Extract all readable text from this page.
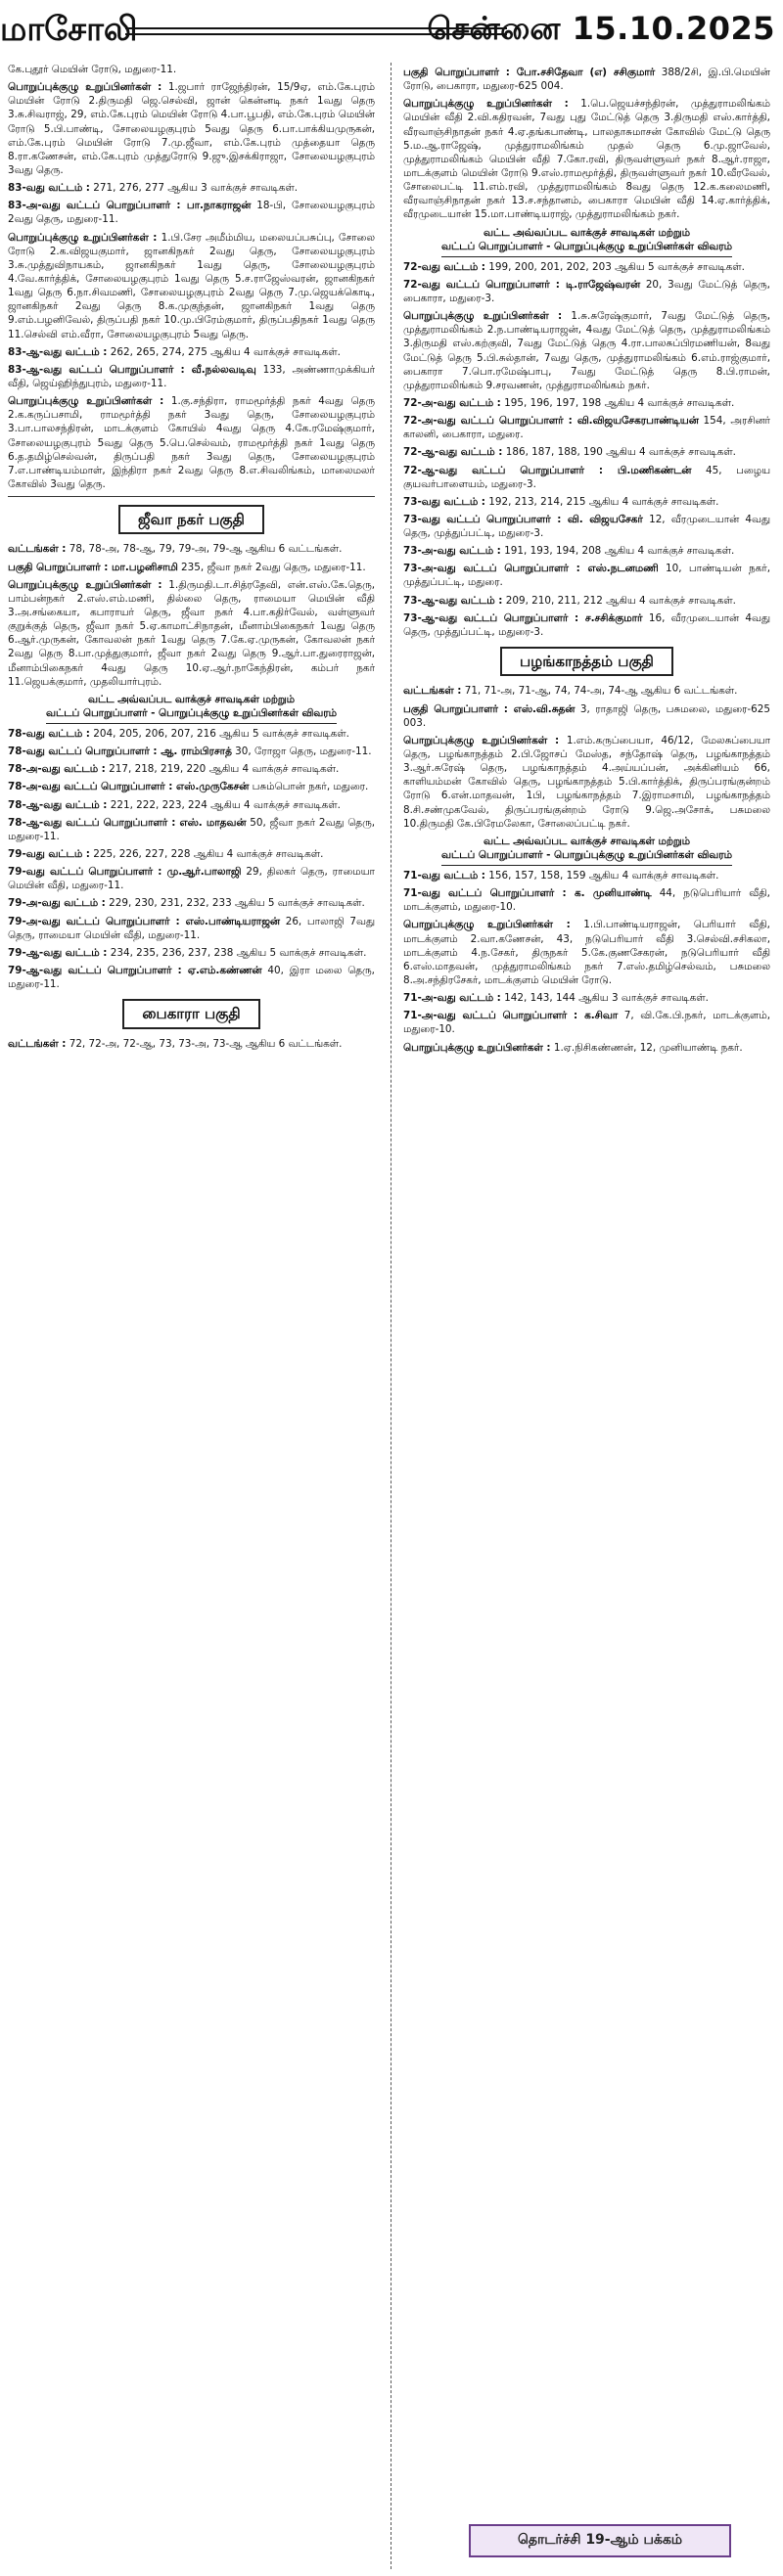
மாசோலி	சென்னை 15.10.2025

கே.புதூர் மெயின் ரோடு, மதுரை-11.

பொறுப்புக்குழு உறுப்பினர்கள் : 1.ஜபார் ராஜேந்திரன், 15/9ஏ, எம்.கே.புரம் மெயின் ரோடு 2.திருமதி ஜெ.செல்வி, ஜான் கென்னடி நகர் 1வது தெரு 3.சு.சிவராஜ், 29, எம்.கே.புரம் மெயின் ரோடு 4.பா.பூபதி, எம்.கே.புரம் மெயின் ரோடு 5.பி.பாண்டி, சோலையழகுபுரம் 5வது தெரு 6.பா.பாக்கியமுருகன், எம்.கே.புரம் மெயின் ரோடு 7.மு.ஜீவா, எம்.கே.புரம் முத்தையா தெரு 8.ரா.கணேசன், எம்.கே.புரம் முத்துரோடு 9.ஜு.இசக்கிராஜா, சோலையழகுபுரம் 3வது தெரு.

83-வது வட்டம் : 271, 276, 277 ஆகிய 3 வாக்குச் சாவடிகள்.

83-அ-வது வட்டப் பொறுப்பாளர் : பா.நாகராஜன் 18-பி, சோலையழகுபுரம் 2வது தெரு, மதுரை-11.

பொறுப்புக்குழு உறுப்பினர்கள் : 1.பி.சேர அமீம்மிய, மலையப்பசுப்பு, சோலை ரோடு 2.க.விஜயகுமார், ஜானகிநகர் 2வது தெரு, சோலையழகுபுரம் 3.சு.முத்துவிநாயகம், ஜானகிநகர் 1வது தெரு, சோலையழகுபுரம் 4.வே.கார்த்திக், சோலையழகுபுரம் 1வது தெரு 5.ச.ராஜேஸ்வரன், ஜானகிநகர் 1வது தெரு 6.நா.சிவமணி, சோலையழகுபுரம் 2வது தெரு 7.மு.ஜெயக்கொடி, ஜானகிநகர் 2வது தெரு 8.க.முகுந்தன், ஜானகிநகர் 1வது தெரு 9.எம்.பழனிவேல், திருப்பதி நகர் 10.மு.பிரேம்குமார், திருப்பதிநகர் 1வது தெரு 11.செல்வி எம்.வீரா, சோலையழகுபுரம் 5வது தெரு.

83-ஆ-வது வட்டம் : 262, 265, 274, 275 ஆகிய 4 வாக்குச் சாவடிகள்.

83-ஆ-வது வட்டப் பொறுப்பாளர் : வீ.நல்லவடிவு 133, அண்ணாமுக்கியர் வீதி, ஜெய்ஹிந்துபுரம், மதுரை-11.

பொறுப்புக்குழு உறுப்பினர்கள் : 1.கு.சந்திரா, ராமமூர்த்தி நகர் 4வது தெரு 2.க.கருப்பசாமி, ராமமூர்த்தி நகர் 3வது தெரு, சோலையழகுபுரம் 3.பா.பாலசந்திரன், மாடக்குளம் கோயில் 4வது தெரு 4.கே.ரமேஷ்குமார், சோலையழகுபுரம் 5வது தெரு 5.பெ.செல்வம், ராமமூர்த்தி நகர் 1வது தெரு 6.த.தமிழ்செல்வன், திருப்பதி நகர் 3வது தெரு, சோலையழகுபுரம் 7.எ.பாண்டியம்மாள், இந்திரா நகர் 2வது தெரு 8.எ.சிவலிங்கம், மாலைமலர் கோவில் 3வது தெரு.

ஜீவா நகர் பகுதி

வட்டங்கள் : 78, 78-அ, 78-ஆ, 79, 79-அ, 79-ஆ ஆகிய 6 வட்டங்கள்.

பகுதி பொறுப்பாளர் : மா.பழனிசாமி 235, ஜீவா நகர் 2வது தெரு, மதுரை-11.

பொறுப்புக்குழு உறுப்பினர்கள் : 1.திருமதி.டா.சித்ரதேவி, என்.எஸ்.கே.தெரு, பாம்பன்நகர் 2.எஸ்.எம்.மணி, தில்லை தெரு, ராமையா மெயின் வீதி 3.அ.சங்கையா, கபாராயர் தெரு, ஜீவா நகர் 4.பா.கதிர்வேல், வள்ளுவர் குறுக்குத் தெரு, ஜீவா நகர் 5.ஏ.காமாட்சிநாதன், மீனாம்பிகைநகர் 1வது தெரு 6.ஆர்.முருகன், கோவலன் நகர் 1வது தெரு 7.கே.ஏ.முருகன், கோவலன் நகர் 2வது தெரு 8.பா.முத்துகுமார், ஜீவா நகர் 2வது தெரு 9.ஆர்.பா.துரைராஜன், மீனாம்பிகைநகர் 4வது தெரு 10.ஏ.ஆர்.நாகேந்திரன், கம்பர் நகர் 11.ஜெயக்குமார், முதலியார்புரம்.

வட்ட அவ்வப்பட வாக்குச் சாவடிகள் மற்றும்
வட்டப் பொறுப்பாளர் - பொறுப்புக்குழு உறுப்பினர்கள் விவரம்

78-வது வட்டம் : 204, 205, 206, 207, 216 ஆகிய 5 வாக்குச் சாவடிகள்.

78-வது வட்டப் பொறுப்பாளர் : ஆ. ராம்பிரசாத் 30, ரோஜா தெரு, மதுரை-11.

78-அ-வது வட்டம் : 217, 218, 219, 220 ஆகிய 4 வாக்குச் சாவடிகள்.

78-அ-வது வட்டப் பொறுப்பாளர் : எஸ்.முருகேசன் பசும்பொன் நகர், மதுரை.

78-ஆ-வது வட்டம் : 221, 222, 223, 224 ஆகிய 4 வாக்குச் சாவடிகள்.

78-ஆ-வது வட்டப் பொறுப்பாளர் : எஸ். மாதவன் 50, ஜீவா நகர் 2வது தெரு, மதுரை-11.

79-வது வட்டம் : 225, 226, 227, 228 ஆகிய 4 வாக்குச் சாவடிகள்.

79-வது வட்டப் பொறுப்பாளர் : மு.ஆர்.பாலாஜி 29, திலகர் தெரு, ராமையா மெயின் வீதி, மதுரை-11.

79-அ-வது வட்டம் : 229, 230, 231, 232, 233 ஆகிய 5 வாக்குச் சாவடிகள்.

79-அ-வது வட்டப் பொறுப்பாளர் : எஸ்.பாண்டியராஜன் 26, பாலாஜி 7வது தெரு, ராமையா மெயின் வீதி, மதுரை-11.

79-ஆ-வது வட்டம் : 234, 235, 236, 237, 238 ஆகிய 5 வாக்குச் சாவடிகள்.

79-ஆ-வது வட்டப் பொறுப்பாளர் : ஏ.எம்.கண்ணன் 40, இரா மலை தெரு, மதுரை-11.

பைகாரா பகுதி

வட்டங்கள் : 72, 72-அ, 72-ஆ, 73, 73-அ, 73-ஆ ஆகிய 6 வட்டங்கள்.

பகுதி பொறுப்பாளர் : போ.சசிதேவா (எ) சசிகுமார் 388/2சி, இ.பி.மெயின் ரோடு, பைகாரா, மதுரை-625 004.

பொறுப்புக்குழு உறுப்பினர்கள் : 1.பெ.ஜெயச்சந்திரன், முத்துராமலிங்கம் மெயின் வீதி 2.வி.கதிரவன், 7வது புது மேட்டுத் தெரு 3.திருமதி எஸ்.கார்த்தி, வீரவாஞ்சிநாதன் நகர் 4.ஏ.தங்கபாண்டி, பாலதாசுமாசன் கோவில் மேட்டு தெரு 5.ம.ஆ.ராஜேஷ், முத்துராமலிங்கம் முதல் தெரு 6.மு.ஜாவேல், முத்துராமலிங்கம் மெயின் வீதி 7.கோ.ரவி, திருவள்ளுவர் நகர் 8.ஆர்.ராஜா, மாடக்குளம் மெயின் ரோடு 9.எஸ்.ராமமூர்த்தி, திருவள்ளுவர் நகர் 10.வீரவேல், சோலைபட்டி 11.எம்.ரவி, முத்துராமலிங்கம் 8வது தெரு 12.க.கலைமணி, வீரவாஞ்சிநாதன் நகர் 13.ச.சந்தானம், பைகாரா மெயின் வீதி 14.ஏ.கார்த்திக், வீரமுடையான் 15.மா.பாண்டியராஜ், முத்துராமலிங்கம் நகர்.

வட்ட அவ்வப்பட வாக்குச் சாவடிகள் மற்றும்
வட்டப் பொறுப்பாளர் - பொறுப்புக்குழு உறுப்பினர்கள் விவரம்

72-வது வட்டம் : 199, 200, 201, 202, 203 ஆகிய 5 வாக்குச் சாவடிகள்.

72-வது வட்டப் பொறுப்பாளர் : டி.ராஜேஷ்வரன் 20, 3வது மேட்டுத் தெரு, பைகாரா, மதுரை-3.

பொறுப்புக்குழு உறுப்பினர்கள் : 1.சு.சுரேஷ்குமார், 7வது மேட்டுத் தெரு, முத்துராமலிங்கம் 2.ந.பாண்டியராஜன், 4வது மேட்டுத் தெரு, முத்துராமலிங்கம் 3.திருமதி எஸ்.கற்குவி, 7வது மேட்டுத் தெரு 4.ரா.பாலசுப்பிரமணியன், 8வது மேட்டுத் தெரு 5.பி.சுல்தான், 7வது தெரு, முத்துராமலிங்கம் 6.எம்.ராஜ்குமார், பைகாரா 7.பொ.ரமேஷ்பாபு, 7வது மேட்டுத் தெரு 8.பி.ராமன், முத்துராமலிங்கம் 9.சரவணன், முத்துராமலிங்கம் நகர்.

72-அ-வது வட்டம் : 195, 196, 197, 198 ஆகிய 4 வாக்குச் சாவடிகள்.

72-அ-வது வட்டப் பொறுப்பாளர் : வி.விஜயசேகரபாண்டியன் 154, அரசினர் காலனி, பைகாரா, மதுரை.

72-ஆ-வது வட்டம் : 186, 187, 188, 190 ஆகிய 4 வாக்குச் சாவடிகள்.

72-ஆ-வது வட்டப் பொறுப்பாளர் : பி.மணிகண்டன் 45, பழைய குயவர்பாளையம், மதுரை-3.

73-வது வட்டம் : 192, 213, 214, 215 ஆகிய 4 வாக்குச் சாவடிகள்.

73-வது வட்டப் பொறுப்பாளர் : வி. விஜயசேகர் 12, வீரமுடையான் 4வது தெரு, முத்துப்பட்டி, மதுரை-3.

73-அ-வது வட்டம் : 191, 193, 194, 208 ஆகிய 4 வாக்குச் சாவடிகள்.

73-அ-வது வட்டப் பொறுப்பாளர் : எஸ்.நடனமணி 10, பாண்டியன் நகர், முத்துப்பட்டி, மதுரை.

73-ஆ-வது வட்டம் : 209, 210, 211, 212 ஆகிய 4 வாக்குச் சாவடிகள்.

73-ஆ-வது வட்டப் பொறுப்பாளர் : ச.சசிக்குமார் 16, வீரமுடையான் 4வது தெரு, முத்துப்பட்டி, மதுரை-3.

பழங்காநத்தம் பகுதி

வட்டங்கள் : 71, 71-அ, 71-ஆ, 74, 74-அ, 74-ஆ ஆகிய 6 வட்டங்கள்.

பகுதி பொறுப்பாளர் : எஸ்.வி.சுதன் 3, ராதாஜி தெரு, பசுமலை, மதுரை-625 003.

பொறுப்புக்குழு உறுப்பினர்கள் : 1.எம்.கருப்பையா, 46/12, மேலசுப்பையா தெரு, பழங்காநத்தம் 2.பி.ஜோசப் மேஸ்த, சந்தோஷ் தெரு, பழங்காநத்தம் 3.ஆர்.சுரேஷ் தெரு, பழங்காநத்தம் 4.அய்யப்பன், அக்கினியம் 66, காளியம்மன் கோவில் தெரு, பழங்காநத்தம் 5.பி.கார்த்திக், திருப்பரங்குன்றம் ரோடு 6.என்.மாதவன், 1பி, பழங்காநத்தம் 7.இராமசாமி, பழங்காநத்தம் 8.சி.சண்முகவேல், திருப்பரங்குன்றம் ரோடு 9.ஜெ.அசோக், பசுமலை 10.திருமதி கே.பிரேமலேகா, சோலைப்பட்டி நகர்.

வட்ட அவ்வப்பட வாக்குச் சாவடிகள் மற்றும்
வட்டப் பொறுப்பாளர் - பொறுப்புக்குழு உறுப்பினர்கள் விவரம்

71-வது வட்டம் : 156, 157, 158, 159 ஆகிய 4 வாக்குச் சாவடிகள்.

71-வது வட்டப் பொறுப்பாளர் : க. முனியாண்டி 44, நடுபெரியார் வீதி, மாடக்குளம், மதுரை-10.

பொறுப்புக்குழு உறுப்பினர்கள் : 1.பி.பாண்டியராஜன், பெரியார் வீதி, மாடக்குளம் 2.வா.கணேசன், 43, நடுபெரியார் வீதி 3.செல்வி.சசிகலா, மாடக்குளம் 4.ந.சேகர், திருநகர் 5.கே.குணசேகரன், நடுபெரியார் வீதி 6.எஸ்.மாதவன், முத்துராமலிங்கம் நகர் 7.எஸ்.தமிழ்செல்வம், பசுமலை 8.அ.சந்திரசேகர், மாடக்குளம் மெயின் ரோடு.

71-அ-வது வட்டம் : 142, 143, 144 ஆகிய 3 வாக்குச் சாவடிகள்.

71-அ-வது வட்டப் பொறுப்பாளர் : க.சிவா 7, வி.கே.பி.நகர், மாடக்குளம், மதுரை-10.

பொறுப்புக்குழு உறுப்பினர்கள் : 1.ஏ.நிசிகண்ணன், 12, முனியாண்டி நகர்.

தொடர்ச்சி 19-ஆம் பக்கம்
